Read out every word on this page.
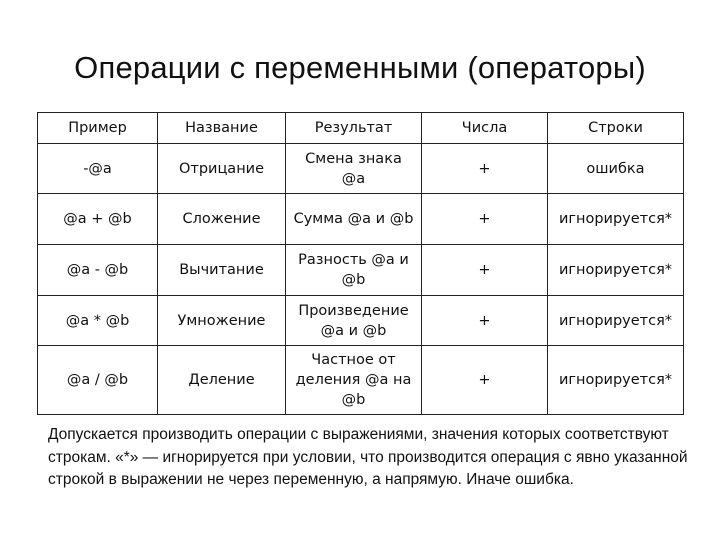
Операции с переменными (операторы)
Пример	Название	Результат	Числа	Строки
-@a	Отрицание	Смена знака @a	+	ошибка
@a + @b	Сложение	Сумма @a и @b	+	игнорируется*
@a - @b	Вычитание	Разность @a и @b	+	игнорируется*
@a * @b	Умножение	Произведение @a и @b	+	игнорируется*
@a / @b	Деление	Частное от деления @a на @b	+	игнорируется*
Допускается производить операции с выражениями, значения которых соответствуют строкам. «*» — игнорируется при условии, что производится операция с явно указанной строкой в выражении не через переменную, а напрямую. Иначе ошибка.
